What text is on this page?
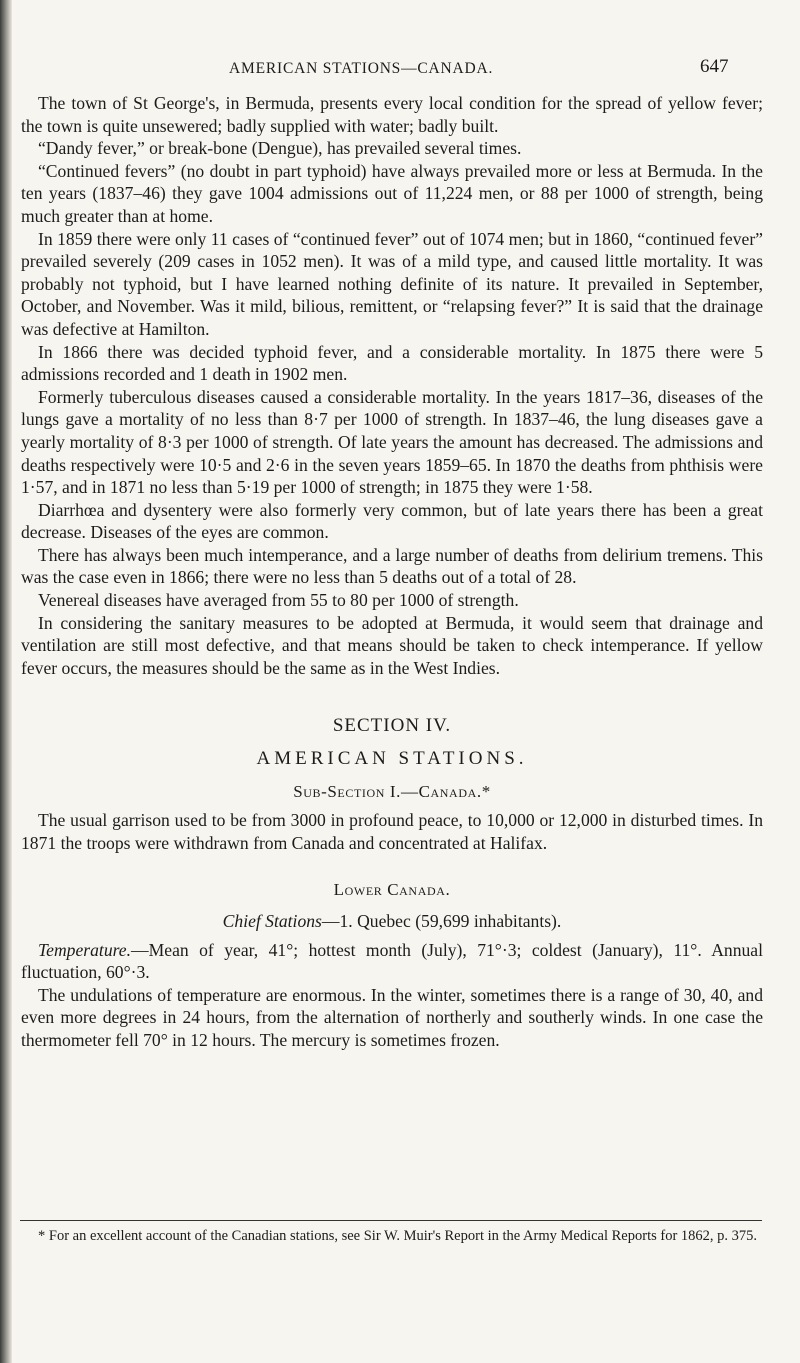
AMERICAN STATIONS—CANADA.	647

The town of St George's, in Bermuda, presents every local condition for the spread of yellow fever; the town is quite unsewered; badly supplied with water; badly built.

“Dandy fever,” or break-bone (Dengue), has prevailed several times.

“Continued fevers” (no doubt in part typhoid) have always prevailed more or less at Bermuda. In the ten years (1837–46) they gave 1004 admissions out of 11,224 men, or 88 per 1000 of strength, being much greater than at home.

In 1859 there were only 11 cases of “continued fever” out of 1074 men; but in 1860, “continued fever” prevailed severely (209 cases in 1052 men). It was of a mild type, and caused little mortality. It was probably not typhoid, but I have learned nothing definite of its nature. It prevailed in September, October, and November. Was it mild, bilious, remittent, or “relapsing fever?” It is said that the drainage was defective at Hamilton.

In 1866 there was decided typhoid fever, and a considerable mortality. In 1875 there were 5 admissions recorded and 1 death in 1902 men.

Formerly tuberculous diseases caused a considerable mortality. In the years 1817–36, diseases of the lungs gave a mortality of no less than 8·7 per 1000 of strength. In 1837–46, the lung diseases gave a yearly mortality of 8·3 per 1000 of strength. Of late years the amount has decreased. The admissions and deaths respectively were 10·5 and 2·6 in the seven years 1859–65. In 1870 the deaths from phthisis were 1·57, and in 1871 no less than 5·19 per 1000 of strength; in 1875 they were 1·58.

Diarrhœa and dysentery were also formerly very common, but of late years there has been a great decrease. Diseases of the eyes are common.

There has always been much intemperance, and a large number of deaths from delirium tremens. This was the case even in 1866; there were no less than 5 deaths out of a total of 28.

Venereal diseases have averaged from 55 to 80 per 1000 of strength.

In considering the sanitary measures to be adopted at Bermuda, it would seem that drainage and ventilation are still most defective, and that means should be taken to check intemperance. If yellow fever occurs, the measures should be the same as in the West Indies.

SECTION IV.
AMERICAN STATIONS.
Sub-Section I.—Canada.*

The usual garrison used to be from 3000 in profound peace, to 10,000 or 12,000 in disturbed times. In 1871 the troops were withdrawn from Canada and concentrated at Halifax.

Lower Canada.
Chief Stations—1. Quebec (59,699 inhabitants).

Temperature.—Mean of year, 41°; hottest month (July), 71°·3; coldest (January), 11°. Annual fluctuation, 60°·3.

The undulations of temperature are enormous. In the winter, sometimes there is a range of 30, 40, and even more degrees in 24 hours, from the alternation of northerly and southerly winds. In one case the thermometer fell 70° in 12 hours. The mercury is sometimes frozen.

* For an excellent account of the Canadian stations, see Sir W. Muir's Report in the Army Medical Reports for 1862, p. 375.
